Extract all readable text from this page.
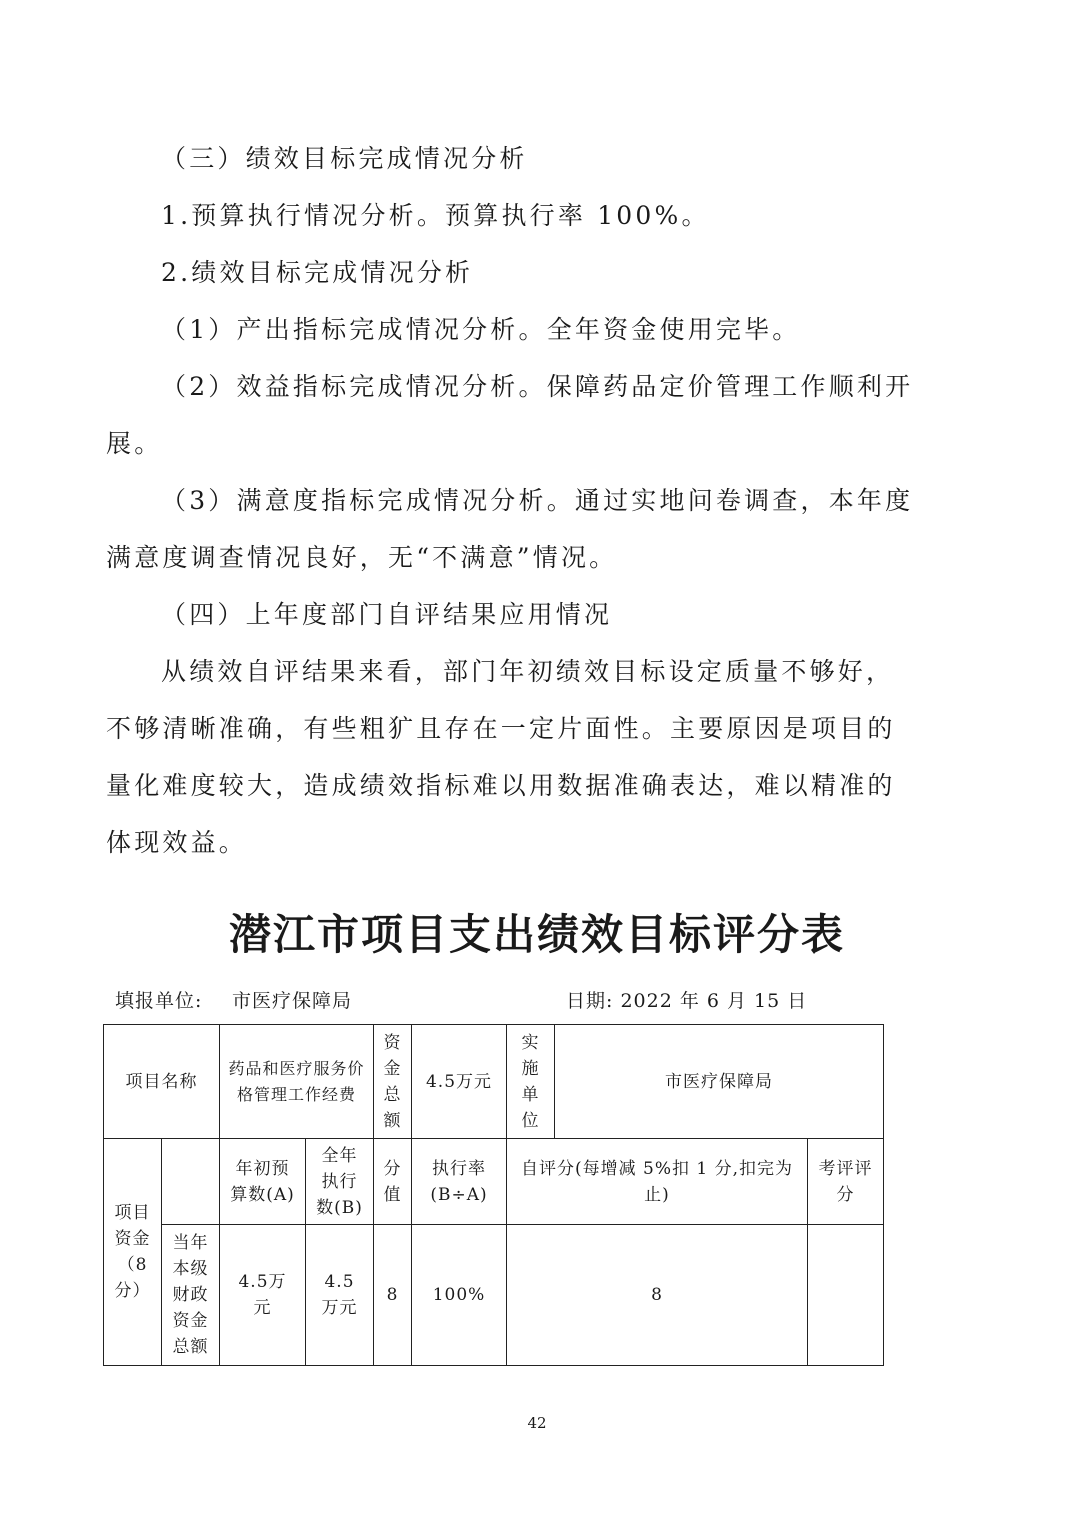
（三）绩效目标完成情况分析

1.预算执行情况分析。预算执行率 100%。

2.绩效目标完成情况分析

（1）产出指标完成情况分析。全年资金使用完毕。

（2）效益指标完成情况分析。保障药品定价管理工作顺利开展。

（3）满意度指标完成情况分析。通过实地问卷调查，本年度满意度调查情况良好，无“不满意”情况。

（四）上年度部门自评结果应用情况

从绩效自评结果来看，部门年初绩效目标设定质量不够好，不够清晰准确，有些粗犷且存在一定片面性。主要原因是项目的量化难度较大，造成绩效指标难以用数据准确表达，难以精准的体现效益。

潜江市项目支出绩效目标评分表
填报单位: 市医疗保障局	日期: 2022 年 6 月 15 日
项目名称		药品和医疗服务价格管理工作经费		资金总额	4.5万元	实施单位	市医疗保障局	
项目资金（8分）		年初预算数(A)	全年执行数(B)	分值	执行率(B÷A)	自评分(每增减 5%扣 1 分,扣完为止)		考评评分
	当年本级财政资金总额	4.5万元	4.5万元	8	100%	8		
42
